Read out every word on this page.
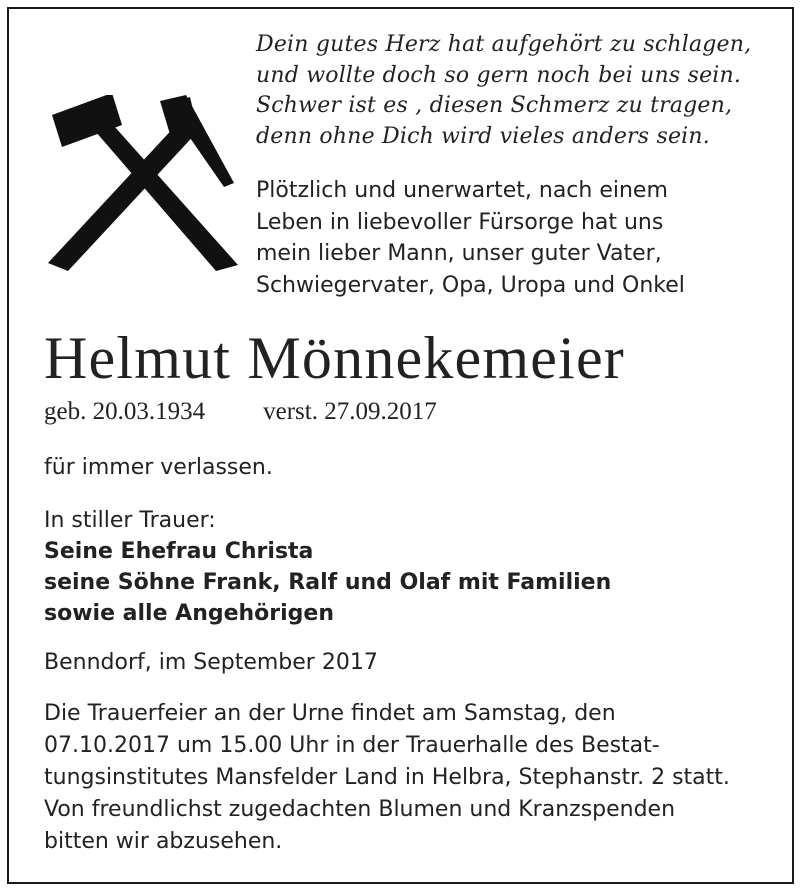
Dein gutes Herz hat aufgehört zu schlagen,
und wollte doch so gern noch bei uns sein.
Schwer ist es , diesen Schmerz zu tragen,
denn ohne Dich wird vieles anders sein.
Plötzlich und unerwartet, nach einem
Leben in liebevoller Fürsorge hat uns
mein lieber Mann, unser guter Vater,
Schwiegervater, Opa, Uropa und Onkel
Helmut Mönnekemeier
geb. 20.03.1934 verst. 27.09.2017
für immer verlassen.
In stiller Trauer:
Seine Ehefrau Christa
seine Söhne Frank, Ralf und Olaf mit Familien
sowie alle Angehörigen
Benndorf, im September 2017
Die Trauerfeier an der Urne findet am Samstag, den
07.10.2017 um 15.00 Uhr in der Trauerhalle des Bestat-
tungsinstitutes Mansfelder Land in Helbra, Stephanstr. 2 statt.
Von freundlichst zugedachten Blumen und Kranzspenden
bitten wir abzusehen.
